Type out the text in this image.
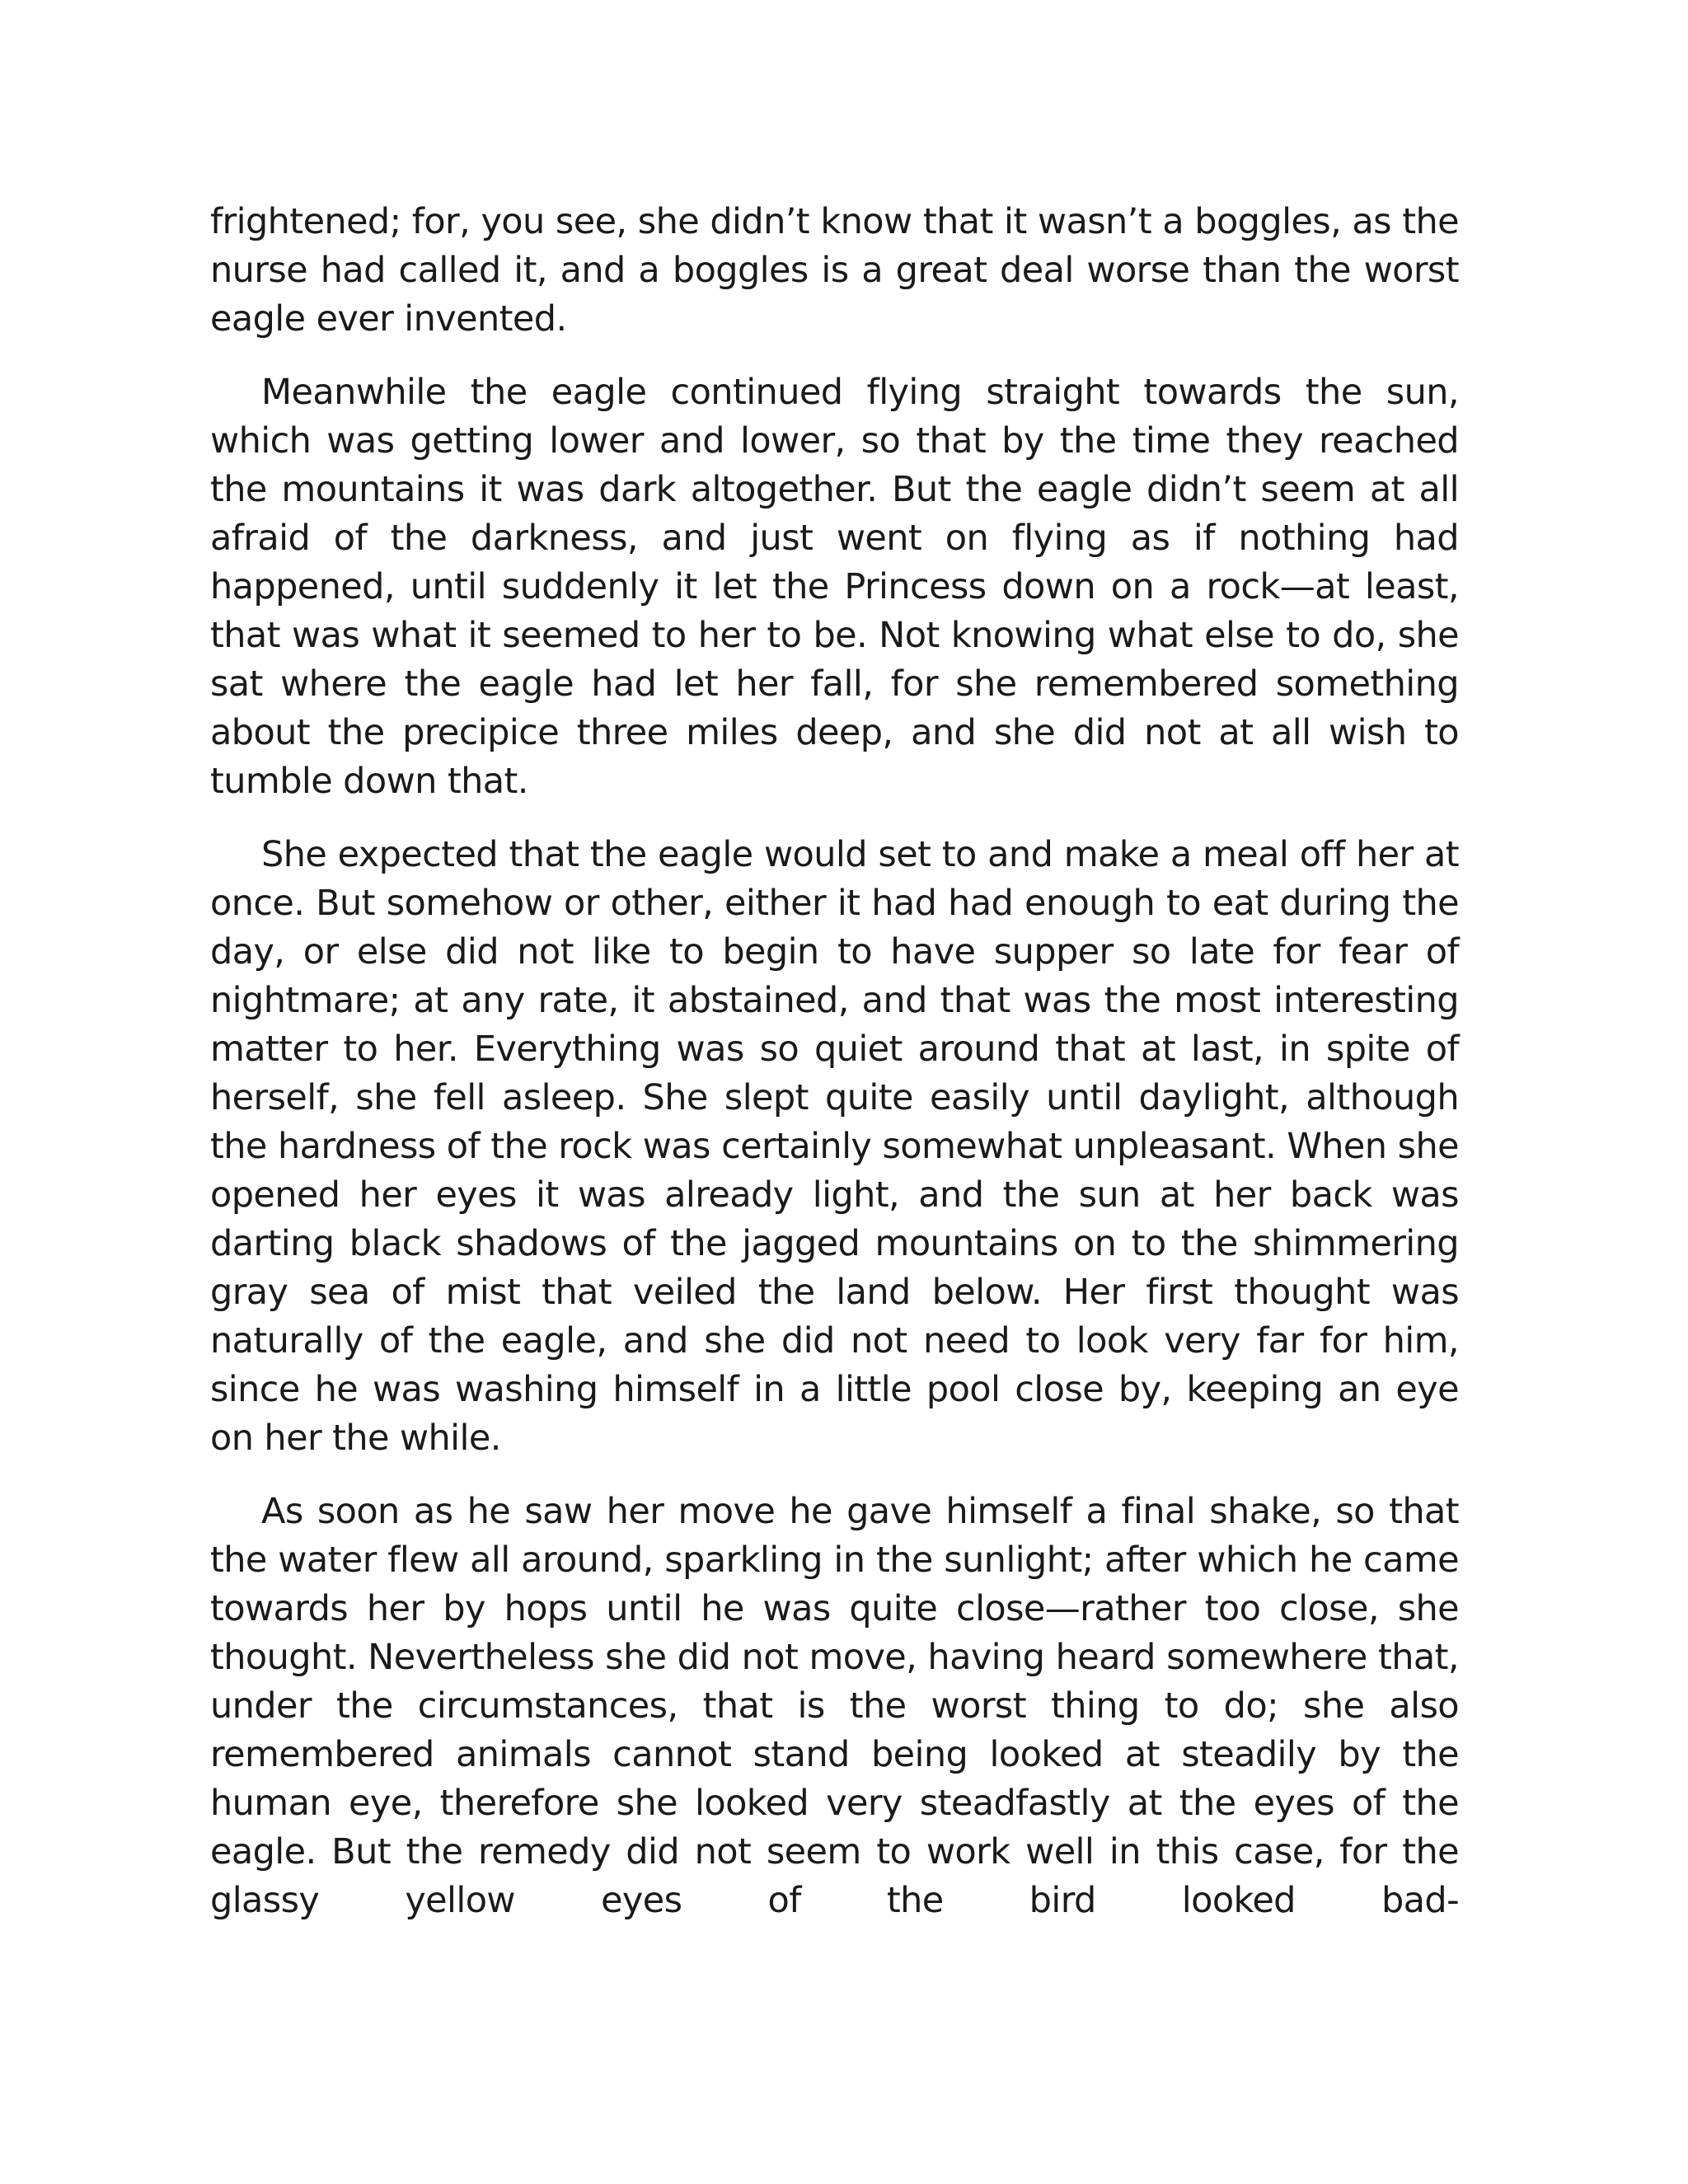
frightened; for, you see, she didn’t know that it wasn’t a boggles, as the nurse had called it, and a boggles is a great deal worse than the worst eagle ever invented.

Meanwhile the eagle continued flying straight towards the sun, which was getting lower and lower, so that by the time they reached the mountains it was dark altogether. But the eagle didn’t seem at all afraid of the darkness, and just went on flying as if nothing had happened, until suddenly it let the Princess down on a rock—at least, that was what it seemed to her to be. Not knowing what else to do, she sat where the eagle had let her fall, for she remembered something about the precipice three miles deep, and she did not at all wish to tumble down that.

She expected that the eagle would set to and make a meal off her at once. But somehow or other, either it had had enough to eat during the day, or else did not like to begin to have supper so late for fear of nightmare; at any rate, it abstained, and that was the most interesting matter to her. Everything was so quiet around that at last, in spite of herself, she fell asleep. She slept quite easily until daylight, although the hardness of the rock was certainly somewhat unpleasant. When she opened her eyes it was already light, and the sun at her back was darting black shadows of the jagged mountains on to the shimmering gray sea of mist that veiled the land below. Her first thought was naturally of the eagle, and she did not need to look very far for him, since he was washing himself in a little pool close by, keeping an eye on her the while.

As soon as he saw her move he gave himself a final shake, so that the water flew all around, sparkling in the sunlight; after which he came towards her by hops until he was quite close—rather too close, she thought. Nevertheless she did not move, having heard somewhere that, under the circumstances, that is the worst thing to do; she also remembered animals cannot stand being looked at steadily by the human eye, therefore she looked very steadfastly at the eyes of the eagle. But the remedy did not seem to work well in this case, for the glassy yellow eyes of the bird looked bad-
